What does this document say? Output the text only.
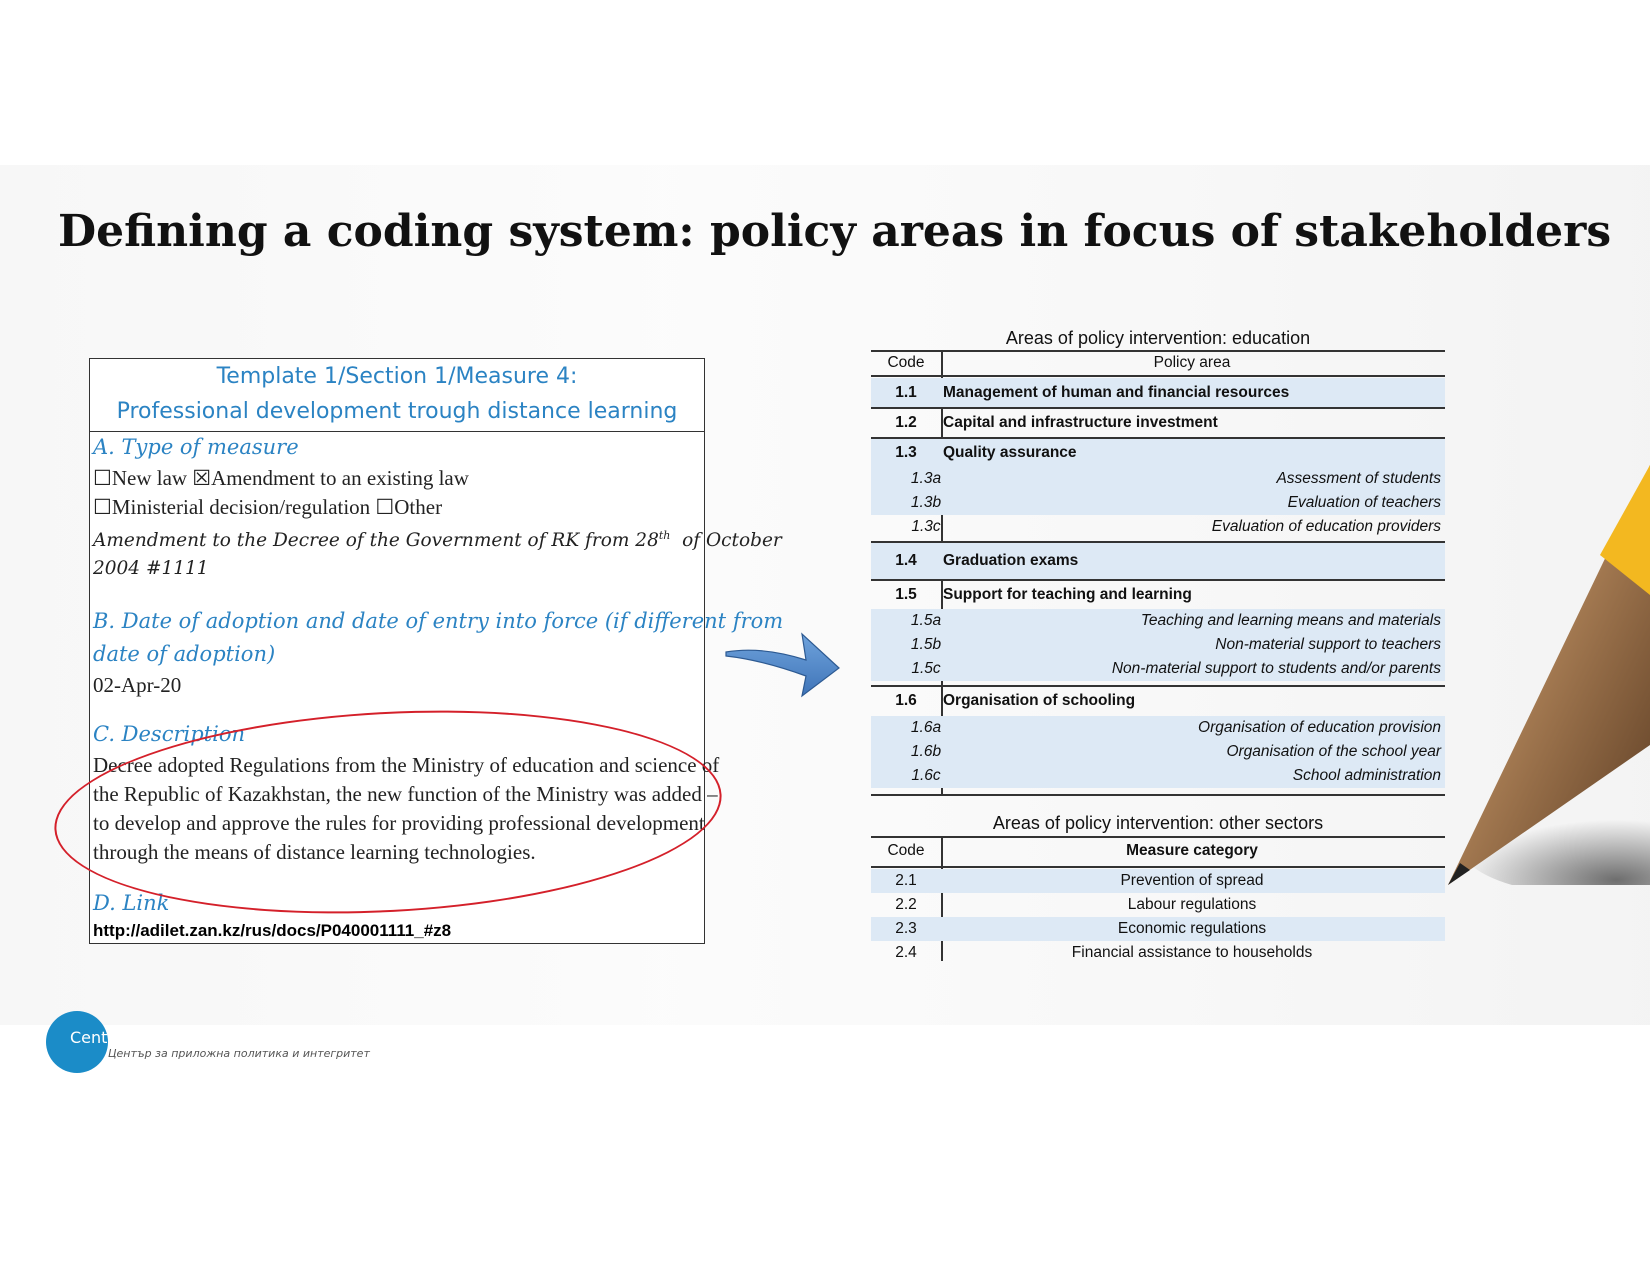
Defining a coding system: policy areas in focus of stakeholders
Template 1/Section 1/Measure 4:
Professional development trough distance learning
A. Type of measure
☐New law ☒Amendment to an existing law
☐Ministerial decision/regulation ☐Other
Amendment to the Decree of the Government of RK from 28th of October
2004 #1111
B. Date of adoption and date of entry into force (if different from
date of adoption)
02-Apr-20
C. Description
Decree adopted Regulations from the Ministry of education and science of
the Republic of Kazakhstan, the new function of the Ministry was added –
to develop and approve the rules for providing professional development
through the means of distance learning technologies.
D. Link
http://adilet.zan.kz/rus/docs/P040001111_#z8
Areas of policy intervention: education
Code	Policy area
1.1	Management of human and financial resources
1.2	Capital and infrastructure investment
1.3	Quality assurance
1.3a	Assessment of students
1.3b	Evaluation of teachers
1.3c	Evaluation of education providers
1.4	Graduation exams
1.5	Support for teaching and learning
1.5a	Teaching and learning means and materials
1.5b	Non-material support to teachers
1.5c	Non-material support to students and/or parents
1.6	Organisation of schooling
1.6a	Organisation of education provision
1.6b	Organisation of the school year
1.6c	School administration
Areas of policy intervention: other sectors
Code	Measure category
2.1	Prevention of spread
2.2	Labour regulations
2.3	Economic regulations
2.4	Financial assistance to households
Center for Applied Policy and Integrity
Център за приложна политика и интегритет
